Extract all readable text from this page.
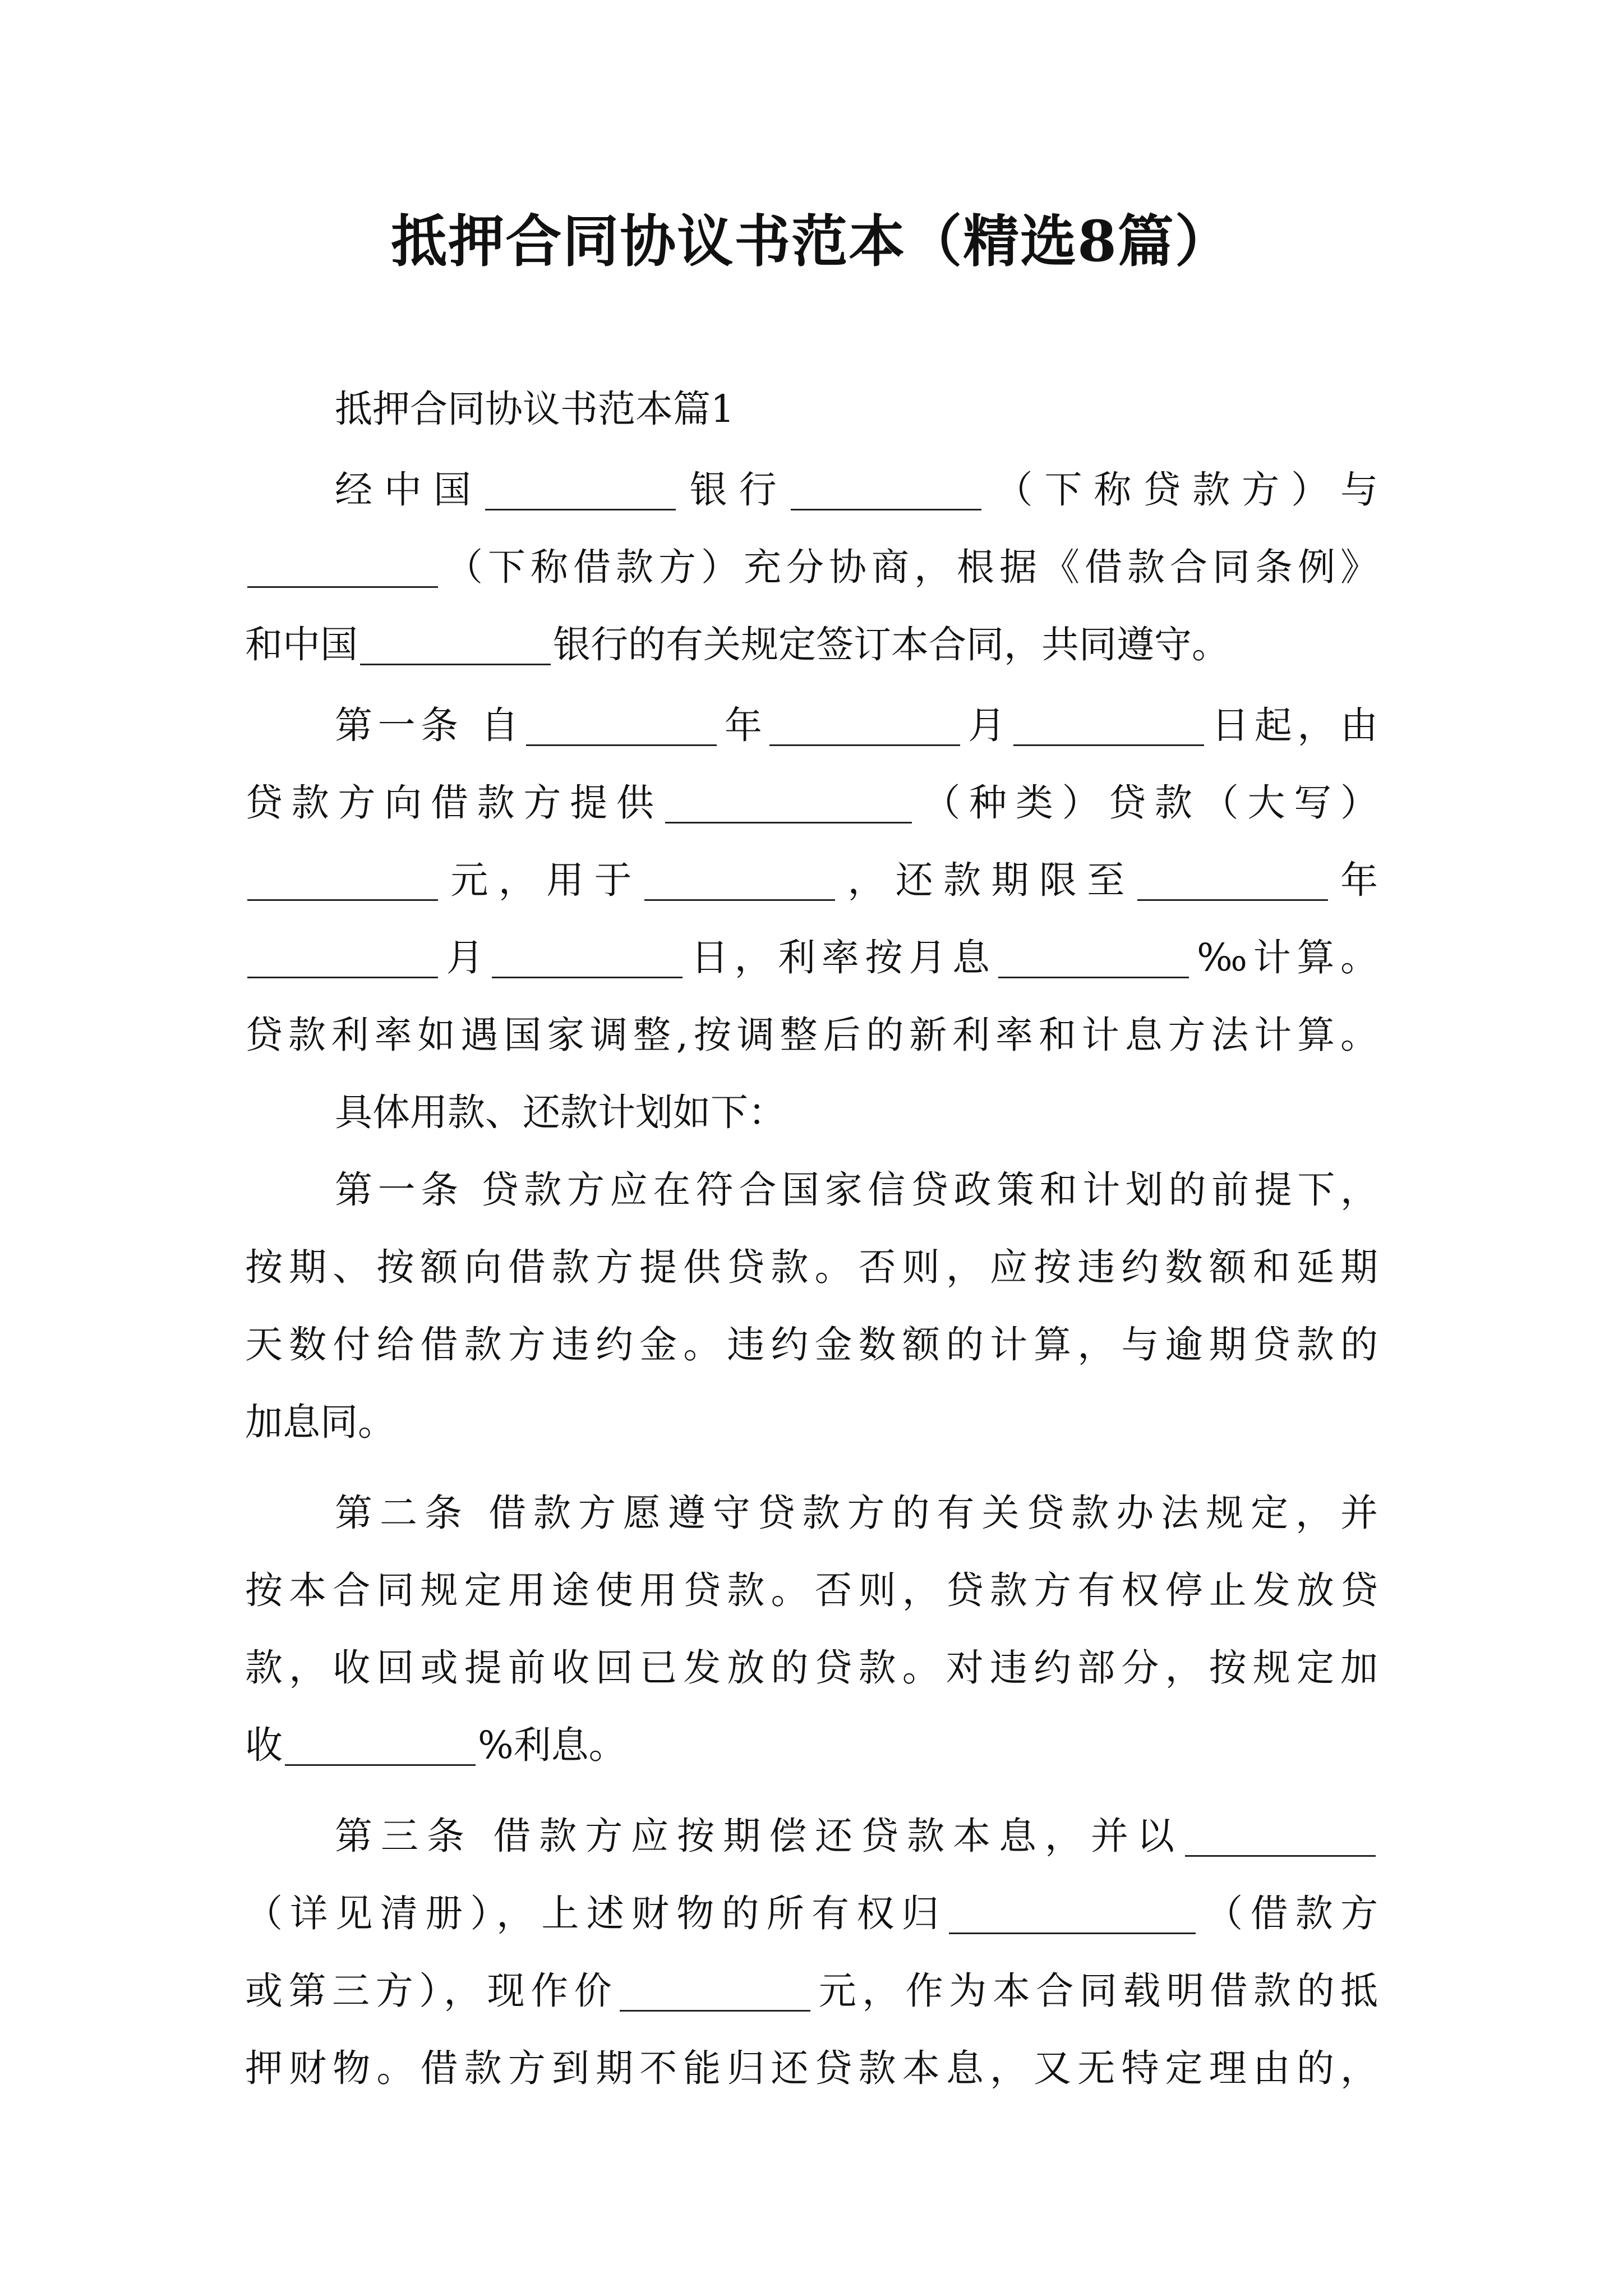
抵押合同协议书范本（精选8篇）
抵押合同协议书范本篇1
经中国	银行	（下称贷款方）与
（下称借款方）充分协商，根据《借款合同条例》
和中国	银行的有关规定签订本合同，共同遵守。
第一条 自	年	月	日起，由
贷款方向借款方提供	（种类）贷款（大写）
元，用于	，还款期限至	年
月	日，利率按月息	‰计算。
贷款利率如遇国家调整,按调整后的新利率和计息方法计算。
具体用款、还款计划如下：
第一条 贷款方应在符合国家信贷政策和计划的前提下，
按期、按额向借款方提供贷款。否则，应按违约数额和延期
天数付给借款方违约金。违约金数额的计算，与逾期贷款的
加息同。
第二条 借款方愿遵守贷款方的有关贷款办法规定，并
按本合同规定用途使用贷款。否则，贷款方有权停止发放贷
款，收回或提前收回已发放的贷款。对违约部分，按规定加
收	%利息。
第三条 借款方应按期偿还贷款本息，并以
（详见清册），上述财物的所有权归	（借款方
或第三方），现作价	元，作为本合同载明借款的抵
押财物。借款方到期不能归还贷款本息，又无特定理由的，
